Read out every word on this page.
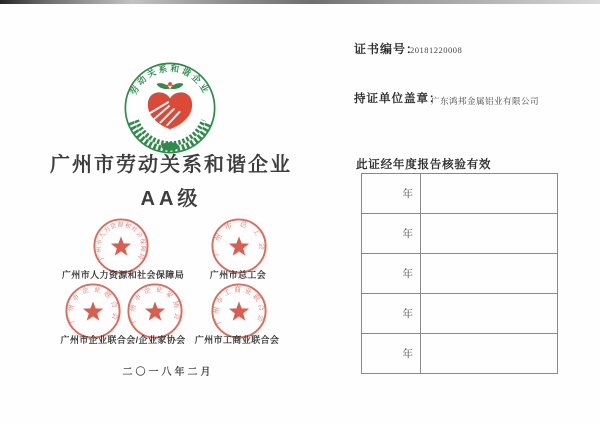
劳动关系和谐企业
广州市劳动关系和谐企业
AA级
广州市人力资源和社会保障局	广州市总工会
广州市人力资源和社会保障局	广州市总工会
广州市企业联合会 广州市企业家协会	广州市工商业联合会
广州市企业联合会/企业家协会 广州市工商业联合会
二〇一八年二月
证书编号：
20181220008
持证单位盖章：
广东鸿邦金属铝业有限公司
此证经年度报告核验有效
年	
年	
年	
年	
年	
